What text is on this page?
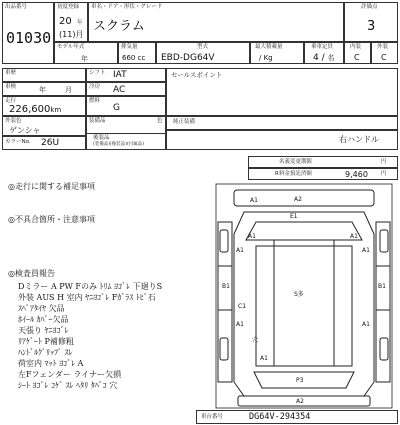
出品番号
01030
初度登録
20 年
(11)月
車名・ドア・形状・グレード
スクラム
評価点
3
モデル年式
年
排気量
660 cc
型式
EBD-DG64V
最大積載量
/ Kg
乗車定員
4 / 名
内装
C
外装
C
車歴
車検	年	月
走行
226,600km
シフト IAT
冷房 AC
燃料
G
セールスポイント
外装色
ゲンシャ
カラーNo. 26U
装備品	色
後装品
(装備品)(後装品)(付属品)
純正装備
右ハンドル
名義変更期限	円
R料金預託済額	9,460 円
◎走行に関する補足事項
◎不具合箇所・注意事項
◎検査員報告
Dミラー A PW Fのみ ﾄﾘﾑ ﾖｺﾞﾚ 下廻りS
外装 AUS H 室内 ﾔﾆﾖｺﾞﾚ Fｶﾞﾗｽ ﾄﾋﾞ石
ｽﾍﾟｱﾀｲﾔ 欠品
ﾎｲｰﾙ ｶﾊﾞｰ欠品
天張り ﾔﾆﾖｺﾞﾚ
ﾘｱｹﾞｰﾄ P補修粗
ﾊﾝﾄﾞﾙｸﾞﾘｯﾌﾟ ｽﾚ
荷室内 ﾏｯﾄ ﾖｺﾞﾚ A
左Fフェンダー ライナー欠損
ｼｰﾄ ﾖｺﾞﾚ ｺｹﾞ ｽﾚ ﾍﾀﾘ ﾀﾊﾞｺ 穴
A1	A2
E1
A1	A1
A1	A1
B1	B1
S多
C1
A1	A1
穴
A1
P3
A2
車台番号	DG64V-294354
